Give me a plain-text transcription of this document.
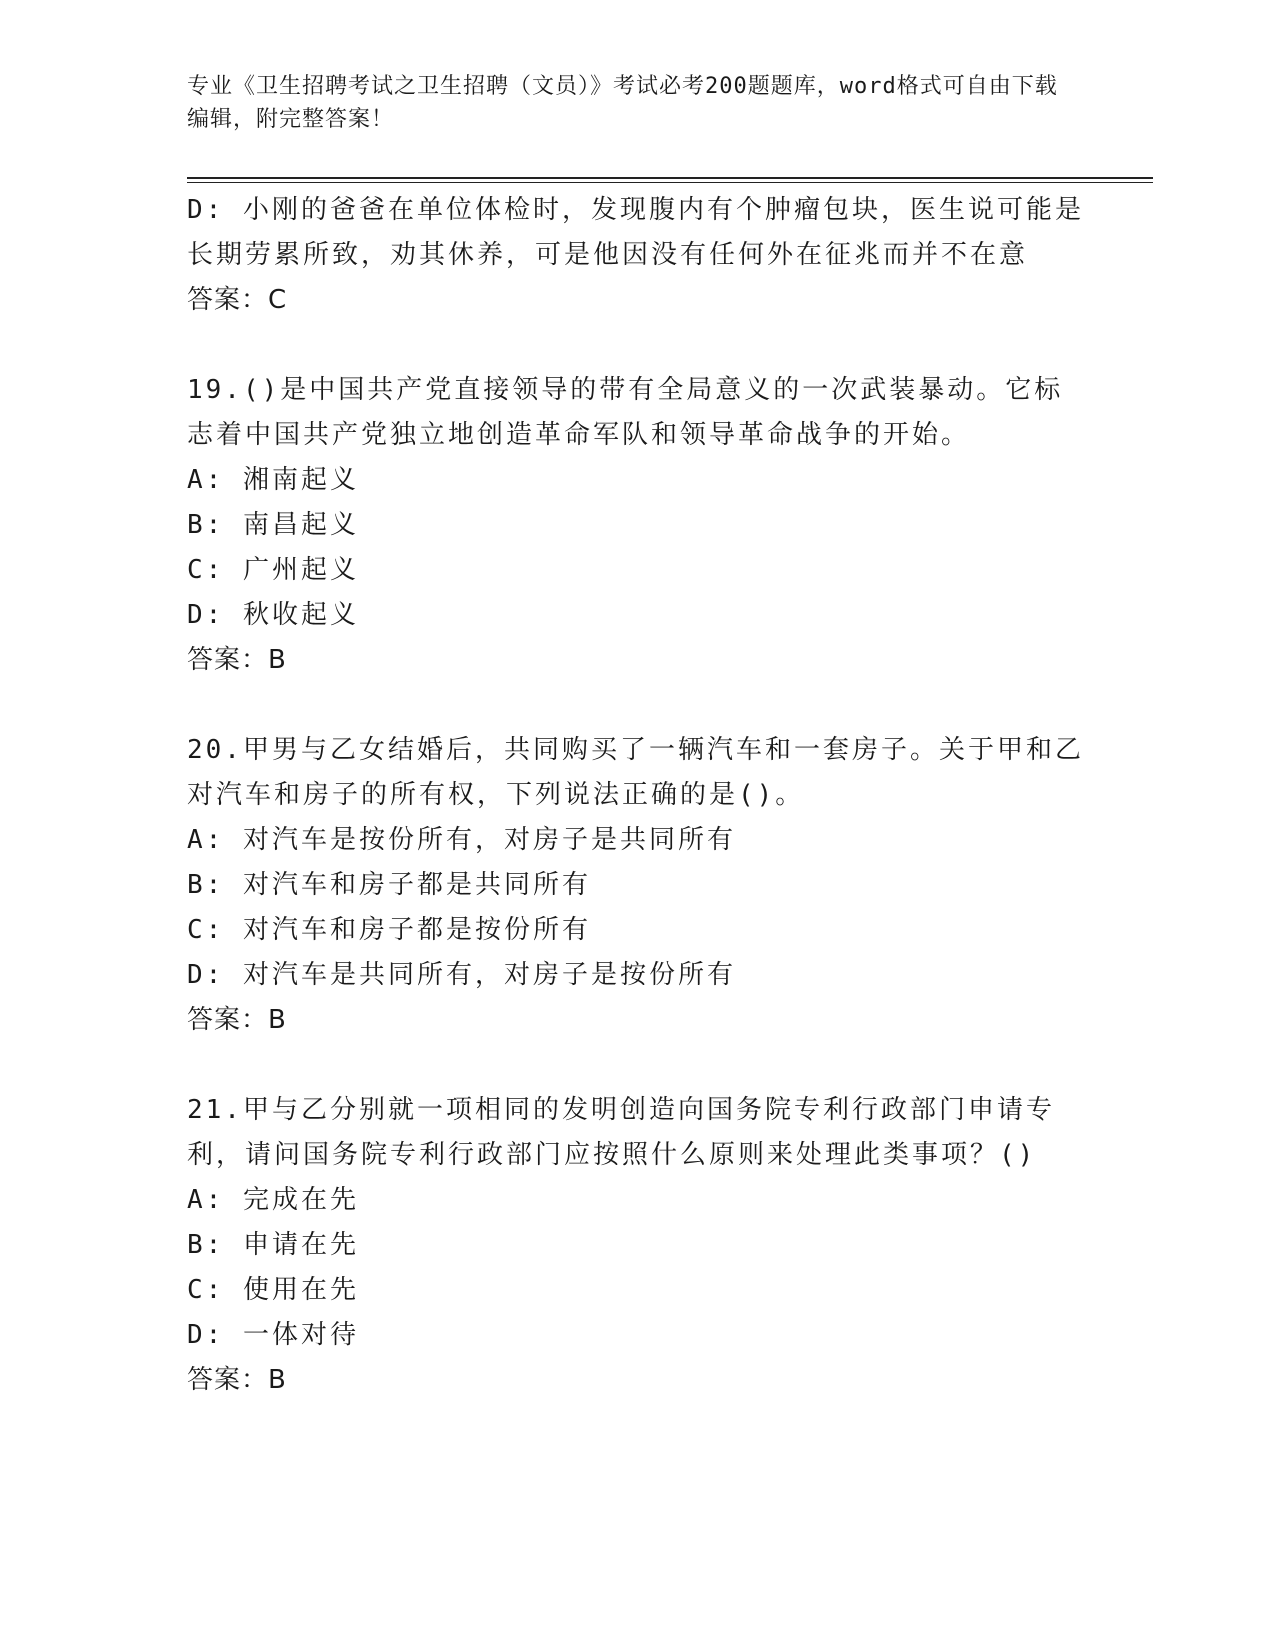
专业《卫生招聘考试之卫生招聘（文员）》考试必考200题题库，word格式可自由下载编辑，附完整答案！
D: 小刚的爸爸在单位体检时，发现腹内有个肿瘤包块，医生说可能是长期劳累所致，劝其休养，可是他因没有任何外在征兆而并不在意
答案：C
19.()是中国共产党直接领导的带有全局意义的一次武装暴动。它标志着中国共产党独立地创造革命军队和领导革命战争的开始。
A: 湘南起义
B: 南昌起义
C: 广州起义
D: 秋收起义
答案：B
20.甲男与乙女结婚后，共同购买了一辆汽车和一套房子。关于甲和乙对汽车和房子的所有权，下列说法正确的是()。
A: 对汽车是按份所有，对房子是共同所有
B: 对汽车和房子都是共同所有
C: 对汽车和房子都是按份所有
D: 对汽车是共同所有，对房子是按份所有
答案：B
21.甲与乙分别就一项相同的发明创造向国务院专利行政部门申请专利，请问国务院专利行政部门应按照什么原则来处理此类事项？()
A: 完成在先
B: 申请在先
C: 使用在先
D: 一体对待
答案：B
